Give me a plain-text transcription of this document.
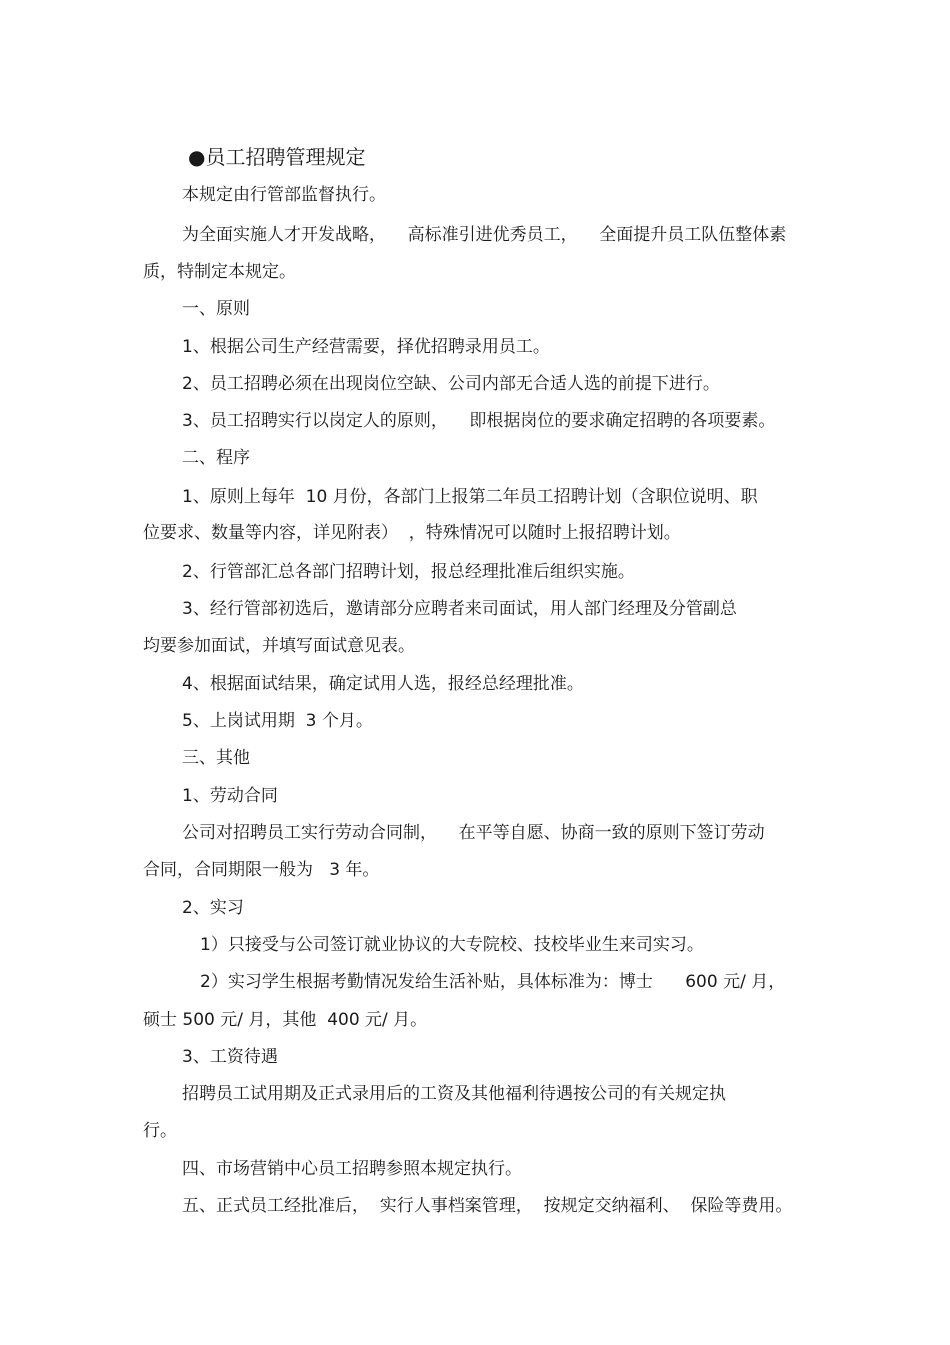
●员工招聘管理规定
本规定由行管部监督执行。
为全面实施人才开发战略，    高标准引进优秀员工，    全面提升员工队伍整体素
质，特制定本规定。
一、原则
1、根据公司生产经营需要，择优招聘录用员工。
2、员工招聘必须在出现岗位空缺、公司内部无合适人选的前提下进行。
3、员工招聘实行以岗定人的原则，    即根据岗位的要求确定招聘的各项要素。
二、程序
1、原则上每年  10 月份，各部门上报第二年员工招聘计划（含职位说明、职
位要求、数量等内容，详见附表）  ，特殊情况可以随时上报招聘计划。
2、行管部汇总各部门招聘计划，报总经理批准后组织实施。
3、经行管部初选后，邀请部分应聘者来司面试，用人部门经理及分管副总
均要参加面试，并填写面试意见表。
4、根据面试结果，确定试用人选，报经总经理批准。
5、上岗试用期  3 个月。
三、其他
1、劳动合同
公司对招聘员工实行劳动合同制，    在平等自愿、协商一致的原则下签订劳动
合同，合同期限一般为   3 年。
2、实习
1）只接受与公司签订就业协议的大专院校、技校毕业生来司实习。
2）实习学生根据考勤情况发给生活补贴，具体标准为：博士      600 元/ 月，
硕士 500 元/ 月，其他  400 元/ 月。
3、工资待遇
招聘员工试用期及正式录用后的工资及其他福利待遇按公司的有关规定执
行。
四、市场营销中心员工招聘参照本规定执行。
五、正式员工经批准后，  实行人事档案管理，  按规定交纳福利、  保险等费用。
